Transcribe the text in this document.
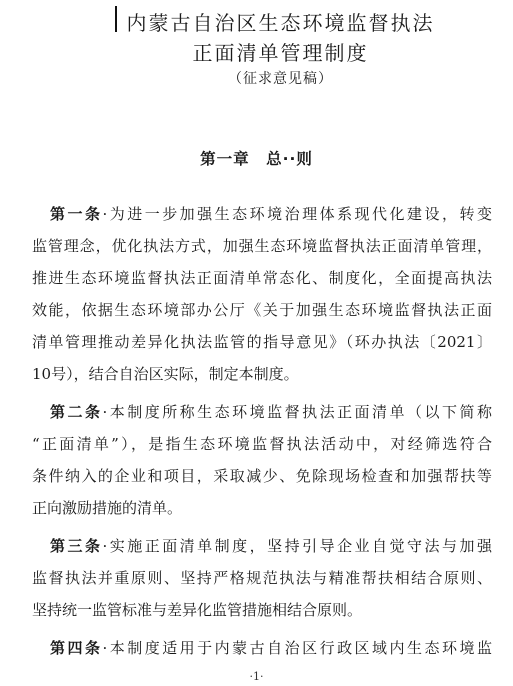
内蒙古自治区生态环境监督执法
正面清单管理制度
（征求意见稿）
第一章　总··则
第一条·为进一步加强生态环境治理体系现代化建设，转变
监管理念，优化执法方式，加强生态环境监督执法正面清单管理，
推进生态环境监督执法正面清单常态化、制度化，全面提高执法
效能，依据生态环境部办公厅《关于加强生态环境监督执法正面
清单管理推动差异化执法监管的指导意见》（环办执法〔2021〕
10号），结合自治区实际，制定本制度。
第二条·本制度所称生态环境监督执法正面清单（以下简称
“正面清单”），是指生态环境监督执法活动中，对经筛选符合
条件纳入的企业和项目，采取减少、免除现场检查和加强帮扶等
正向激励措施的清单。
第三条·实施正面清单制度，坚持引导企业自觉守法与加强
监督执法并重原则、坚持严格规范执法与精准帮扶相结合原则、
坚持统一监管标准与差异化监管措施相结合原则。
第四条·本制度适用于内蒙古自治区行政区域内生态环境监
·1·
